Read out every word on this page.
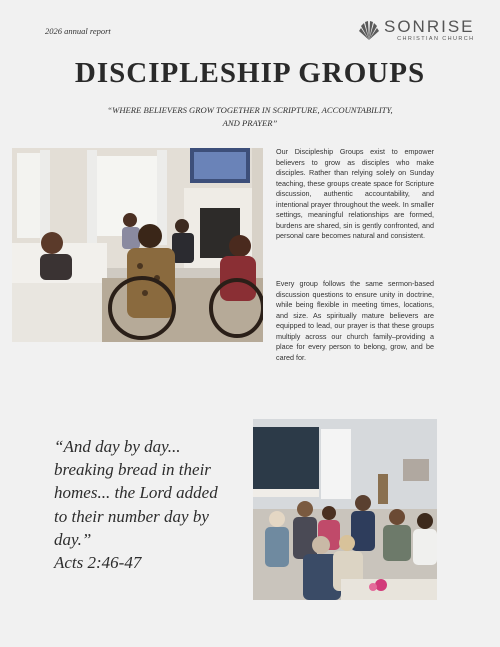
2026 annual report	SONRISE
CHRISTIAN CHURCH
DISCIPLESHIP GROUPS
“WHERE BELIEVERS GROW TOGETHER IN SCRIPTURE, ACCOUNTABILITY, AND PRAYER”
Our Discipleship Groups exist to empower believers to grow as disciples who make disciples. Rather than relying solely on Sunday teaching, these groups create space for Scripture discussion, authentic accountability, and intentional prayer throughout the week. In smaller settings, meaningful relationships are formed, burdens are shared, sin is gently confronted, and personal care becomes natural and consistent.
Every group follows the same sermon-based discussion questions to ensure unity in doctrine, while being flexible in meeting times, locations, and size. As spiritually mature believers are equipped to lead, our prayer is that these groups multiply across our church family–providing a place for every person to belong, grow, and be cared for.
“And day by day... breaking bread in their homes... the Lord added to their number day by day.”
Acts 2:46-47
